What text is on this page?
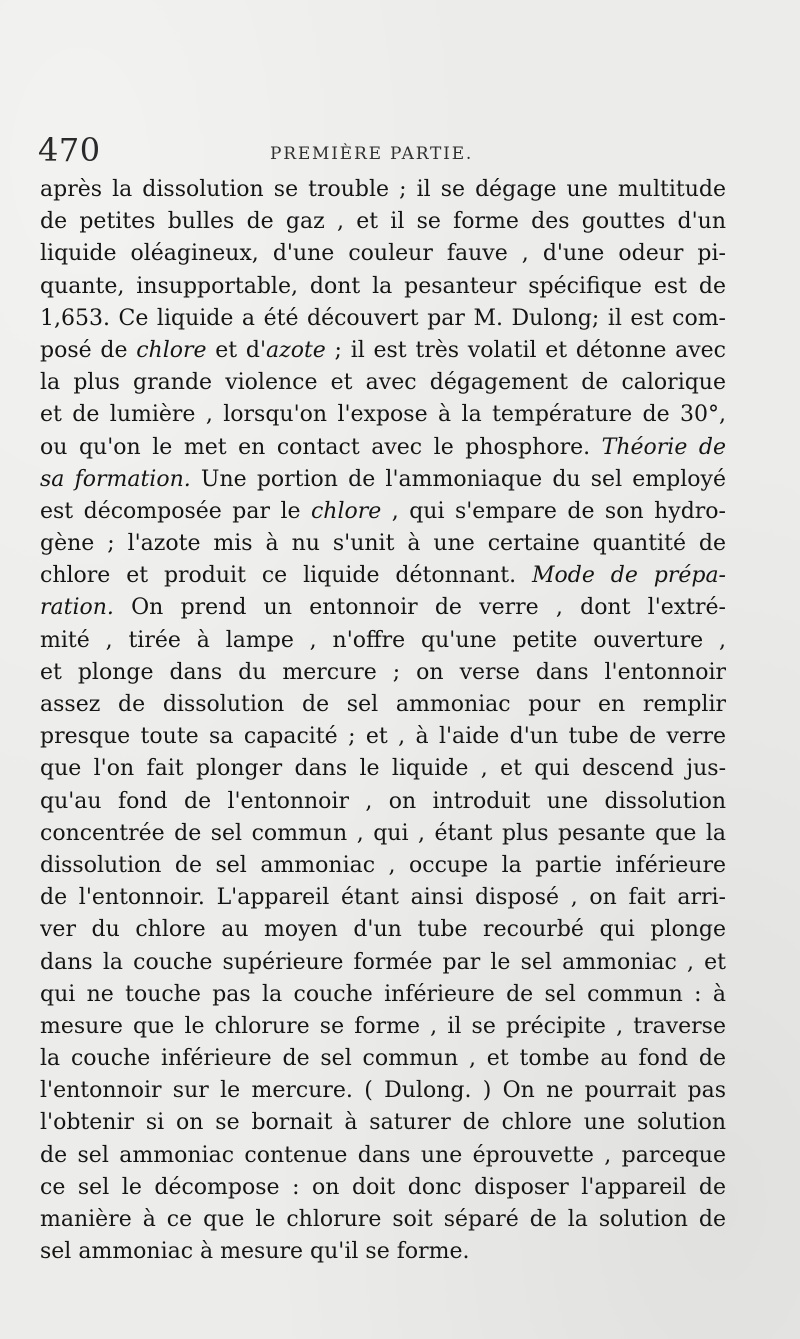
470	PREMIÈRE PARTIE.
après la dissolution se trouble ; il se dégage une multitude
de petites bulles de gaz , et il se forme des gouttes d'un
liquide oléagineux, d'une couleur fauve , d'une odeur pi-
quante, insupportable, dont la pesanteur spécifique est de
1,653. Ce liquide a été découvert par M. Dulong; il est com-
posé de chlore et d'azote ; il est très volatil et détonne avec
la plus grande violence et avec dégagement de calorique
et de lumière , lorsqu'on l'expose à la température de 30°,
ou qu'on le met en contact avec le phosphore. Théorie de
sa formation. Une portion de l'ammoniaque du sel employé
est décomposée par le chlore , qui s'empare de son hydro-
gène ; l'azote mis à nu s'unit à une certaine quantité de
chlore et produit ce liquide détonnant. Mode de prépa-
ration. On prend un entonnoir de verre , dont l'extré-
mité , tirée à lampe , n'offre qu'une petite ouverture ,
et plonge dans du mercure ; on verse dans l'entonnoir
assez de dissolution de sel ammoniac pour en remplir
presque toute sa capacité ; et , à l'aide d'un tube de verre
que l'on fait plonger dans le liquide , et qui descend jus-
qu'au fond de l'entonnoir , on introduit une dissolution
concentrée de sel commun , qui , étant plus pesante que la
dissolution de sel ammoniac , occupe la partie inférieure
de l'entonnoir. L'appareil étant ainsi disposé , on fait arri-
ver du chlore au moyen d'un tube recourbé qui plonge
dans la couche supérieure formée par le sel ammoniac , et
qui ne touche pas la couche inférieure de sel commun : à
mesure que le chlorure se forme , il se précipite , traverse
la couche inférieure de sel commun , et tombe au fond de
l'entonnoir sur le mercure. ( Dulong. ) On ne pourrait pas
l'obtenir si on se bornait à saturer de chlore une solution
de sel ammoniac contenue dans une éprouvette , parceque
ce sel le décompose : on doit donc disposer l'appareil de
manière à ce que le chlorure soit séparé de la solution de
sel ammoniac à mesure qu'il se forme.
